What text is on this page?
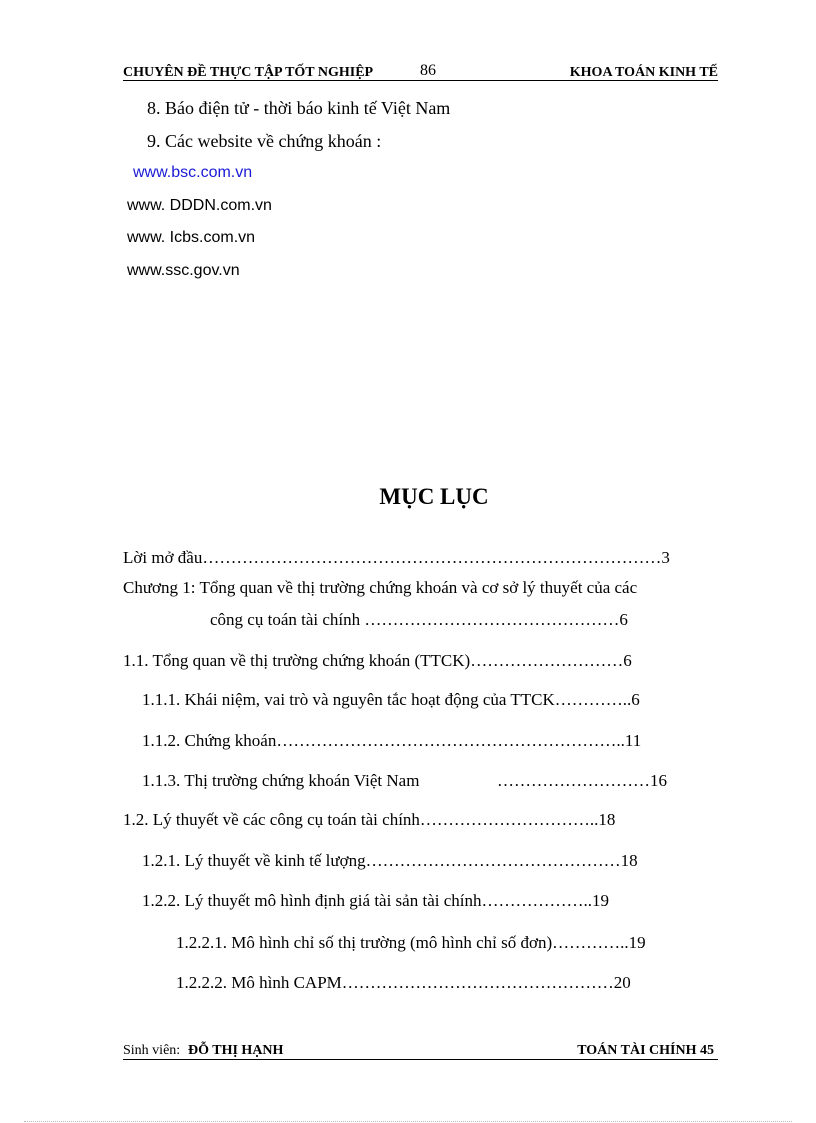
CHUYÊN ĐỀ THỰC TẬP TỐT NGHIỆP	86	KHOA TOÁN KINH TẾ
8. Báo điện tử - thời báo kinh tế Việt Nam
9. Các website về chứng khoán :
www.bsc.com.vn
www. DDDN.com.vn
www. Icbs.com.vn
www.ssc.gov.vn
MỤC LỤC
Lời mở đầu………………………………………………………………………3
Chương 1: Tổng quan về thị trường chứng khoán và cơ sở lý thuyết của các
công cụ toán tài chính ………………………………………6
1.1. Tổng quan về thị trường chứng khoán (TTCK)………………………6
1.1.1. Khái niệm, vai trò và nguyên tắc hoạt động của TTCK…………..6
1.1.2. Chứng khoán……………………………………………………..11
1.1.3. Thị trường chứng khoán Việt Nam	………………………16
1.2. Lý thuyết về các công cụ toán tài chính…………………………..18
1.2.1. Lý thuyết về kinh tế lượng………………………………………18
1.2.2. Lý thuyết mô hình định giá tài sản tài chính………………..19
1.2.2.1. Mô hình chỉ số thị trường (mô hình chỉ số đơn)…………..19
1.2.2.2. Mô hình CAPM…………………………………………20
Sinh viên: ĐỖ THỊ HẠNH	TOÁN TÀI CHÍNH 45
